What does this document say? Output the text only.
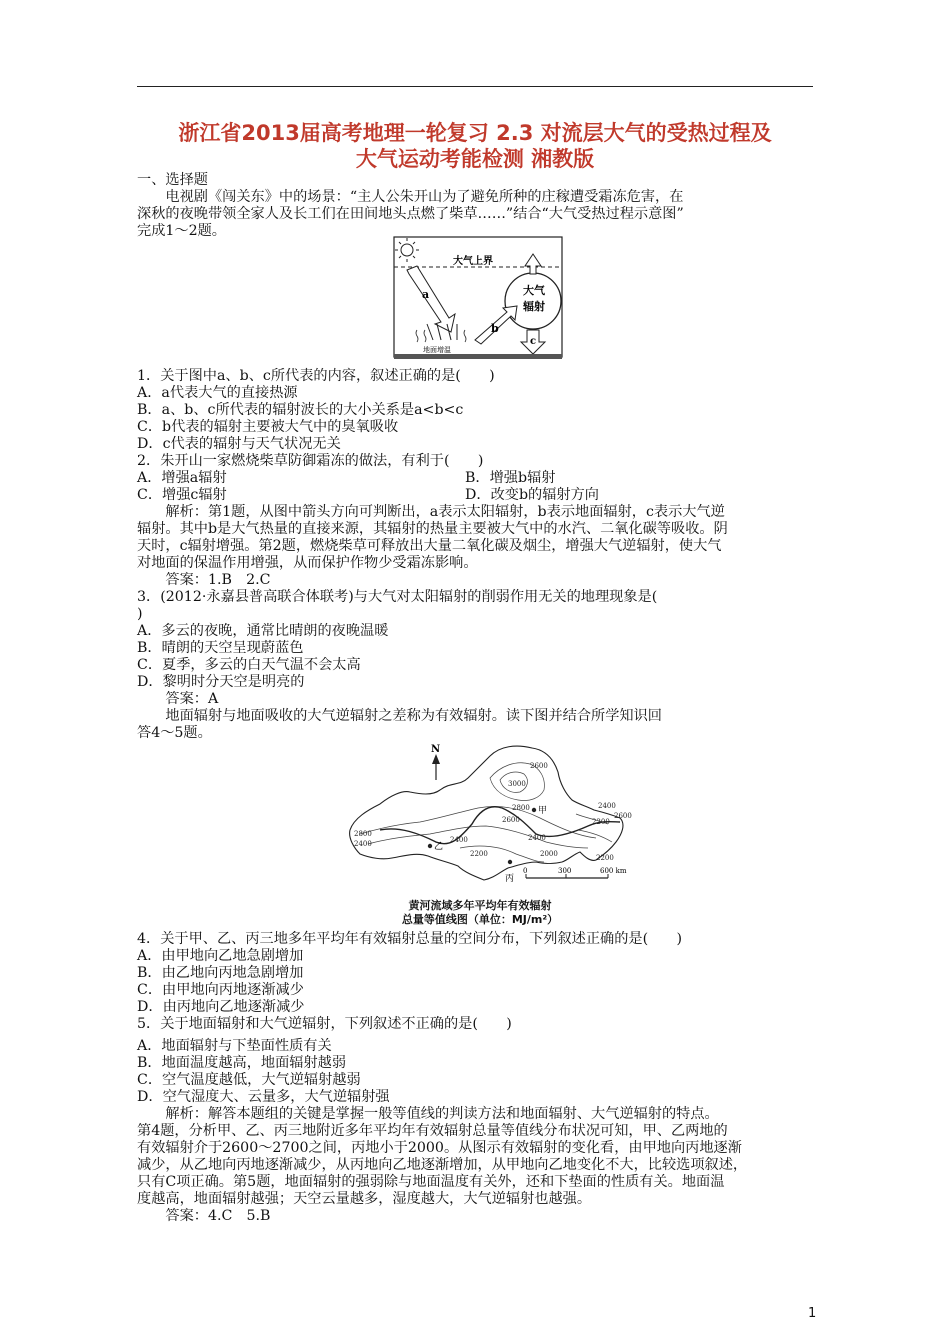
浙江省2013届高考地理一轮复习 2.3 对流层大气的受热过程及
大气运动考能检测 湘教版
一、选择题
　　电视剧《闯关东》中的场景：“主人公朱开山为了避免所种的庄稼遭受霜冻危害，在
深秋的夜晚带领全家人及长工们在田间地头点燃了柴草……”结合“大气受热过程示意图”
完成1～2题。
大气上界
a	大气
辐射
b
c
地面增温
1．关于图中a、b、c所代表的内容，叙述正确的是(　　)
A．a代表大气的直接热源
B．a、b、c所代表的辐射波长的大小关系是a<b<c
C．b代表的辐射主要被大气中的臭氧吸收
D．c代表的辐射与天气状况无关
2．朱开山一家燃烧柴草防御霜冻的做法，有利于(　　)
A．增强a辐射	B．增强b辐射
C．增强c辐射	D．改变b的辐射方向
　　解析：第1题，从图中箭头方向可判断出，a表示太阳辐射，b表示地面辐射，c表示大气逆
辐射。其中b是大气热量的直接来源，其辐射的热量主要被大气中的水汽、二氧化碳等吸收。阴
天时，c辐射增强。第2题，燃烧柴草可释放出大量二氧化碳及烟尘，增强大气逆辐射，使大气
对地面的保温作用增强，从而保护作物少受霜冻影响。
　　答案：1.B　2.C
3．(2012·永嘉县普高联合体联考)与大气对太阳辐射的削弱作用无关的地理现象是(
)
A．多云的夜晚，通常比晴朗的夜晚温暖
B．晴朗的天空呈现蔚蓝色
C．夏季，多云的白天气温不会太高
D．黎明时分天空是明亮的
　　答案：A
　　地面辐射与地面吸收的大气逆辐射之差称为有效辐射。读下图并结合所学知识回
答4～5题。
N
2600
3000
2800
2600
2400
2800
2400
2200	2000
2400
2200
2200
2400
2600
甲
乙
丙
0	300	600 km
黄河流域多年平均年有效辐射
总量等值线图（单位：MJ/m²）
4．关于甲、乙、丙三地多年平均年有效辐射总量的空间分布，下列叙述正确的是(　　)
A．由甲地向乙地急剧增加
B．由乙地向丙地急剧增加
C．由甲地向丙地逐渐减少
D．由丙地向乙地逐渐减少
5．关于地面辐射和大气逆辐射，下列叙述不正确的是(　　)
A．地面辐射与下垫面性质有关
B．地面温度越高，地面辐射越弱
C．空气温度越低，大气逆辐射越弱
D．空气湿度大、云量多，大气逆辐射强
　　解析：解答本题组的关键是掌握一般等值线的判读方法和地面辐射、大气逆辐射的特点。
第4题，分析甲、乙、丙三地附近多年平均年有效辐射总量等值线分布状况可知，甲、乙两地的
有效辐射介于2600～2700之间，丙地小于2000。从图示有效辐射的变化看，由甲地向丙地逐渐
减少，从乙地向丙地逐渐减少，从丙地向乙地逐渐增加，从甲地向乙地变化不大，比较选项叙述，
只有C项正确。第5题，地面辐射的强弱除与地面温度有关外，还和下垫面的性质有关。地面温
度越高，地面辐射越强；天空云量越多，湿度越大，大气逆辐射也越强。
　　答案：4.C　5.B
1
